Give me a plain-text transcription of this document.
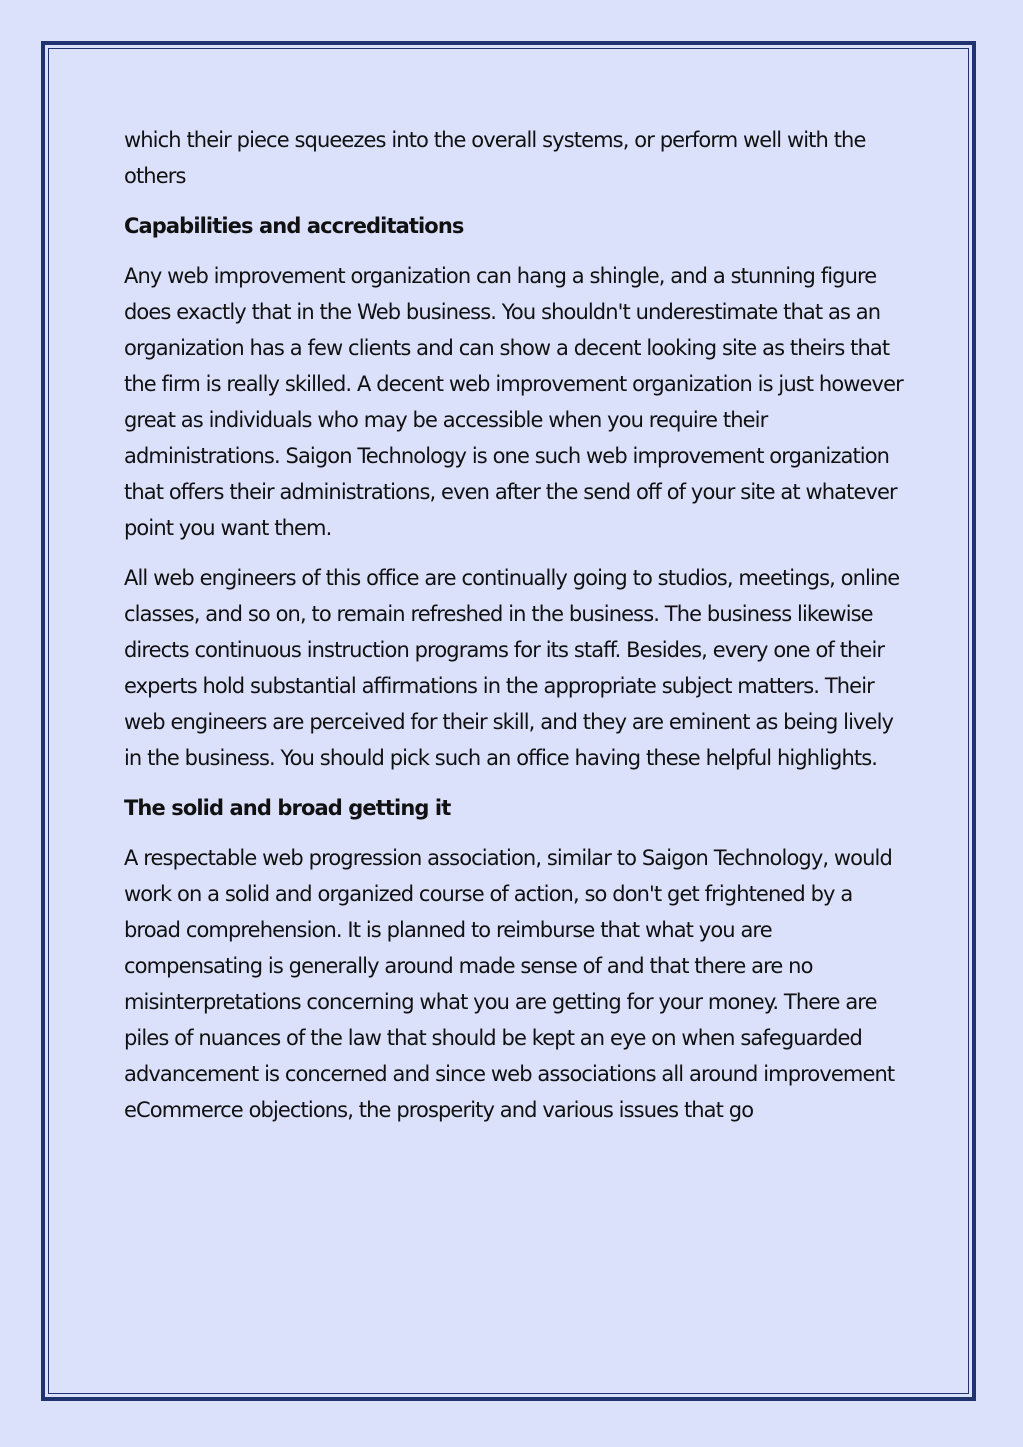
which their piece squeezes into the overall systems, or perform well with the others

Capabilities and accreditations

Any web improvement organization can hang a shingle, and a stunning figure does exactly that in the Web business. You shouldn't underestimate that as an organization has a few clients and can show a decent looking site as theirs that the firm is really skilled. A decent web improvement organization is just however great as individuals who may be accessible when you require their administrations. Saigon Technology is one such web improvement organization that offers their administrations, even after the send off of your site at whatever point you want them.

All web engineers of this office are continually going to studios, meetings, online classes, and so on, to remain refreshed in the business. The business likewise directs continuous instruction programs for its staff. Besides, every one of their experts hold substantial affirmations in the appropriate subject matters. Their web engineers are perceived for their skill, and they are eminent as being lively in the business. You should pick such an office having these helpful highlights.

The solid and broad getting it

A respectable web progression association, similar to Saigon Technology, would work on a solid and organized course of action, so don't get frightened by a broad comprehension. It is planned to reimburse that what you are compensating is generally around made sense of and that there are no misinterpretations concerning what you are getting for your money. There are piles of nuances of the law that should be kept an eye on when safeguarded advancement is concerned and since web associations all around improvement eCommerce objections, the prosperity and various issues that go
